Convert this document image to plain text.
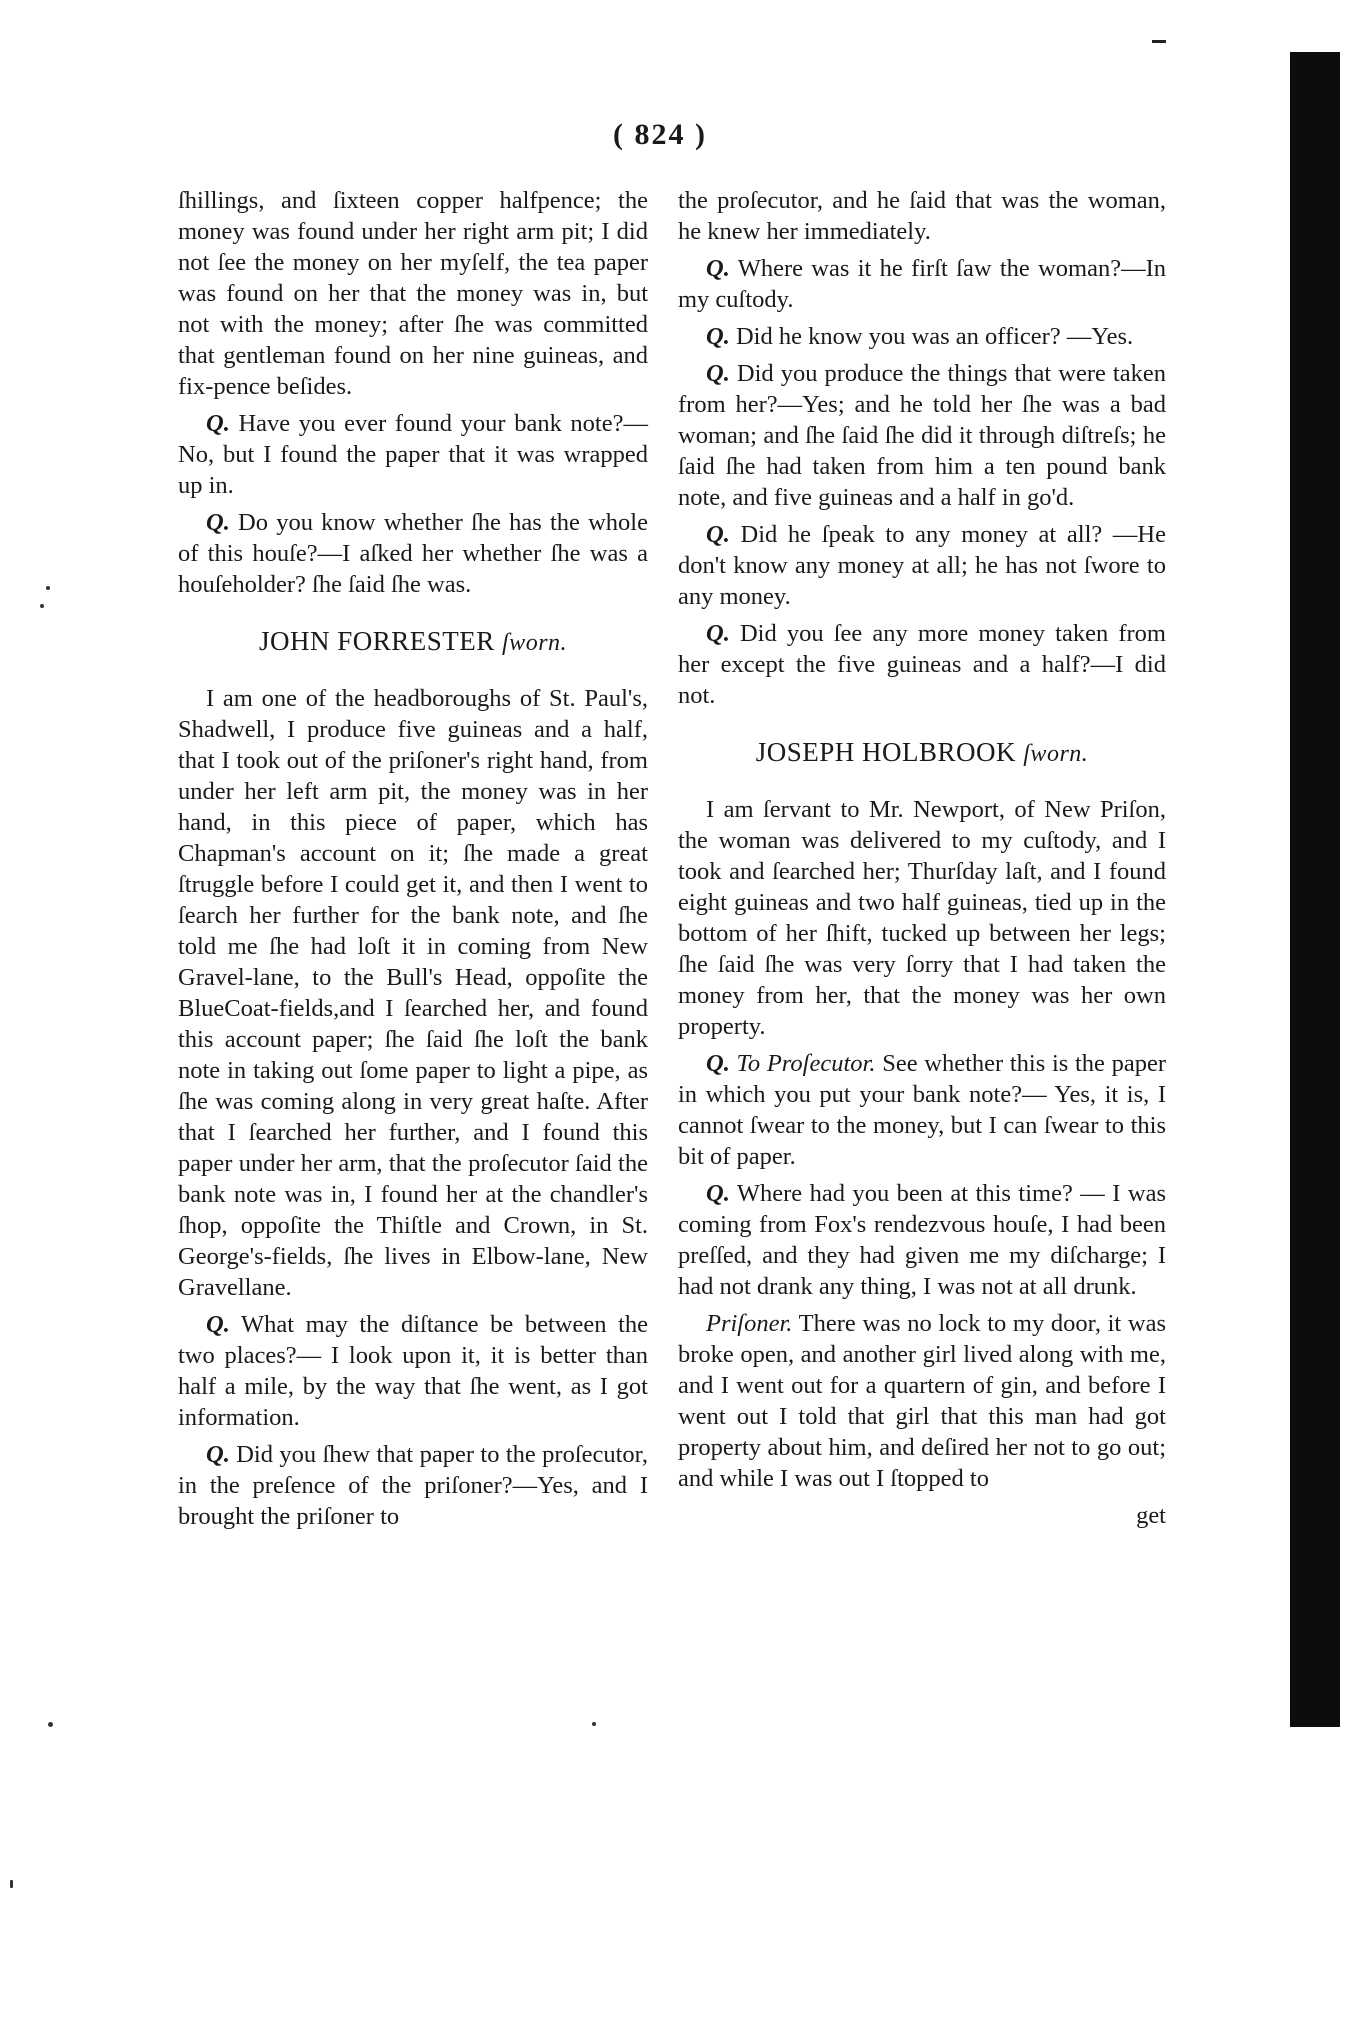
( 824 )

ſhillings, and ſixteen copper halfpence; the money was found under her right arm pit; I did not ſee the money on her myſelf, the tea paper was found on her that the money was in, but not with the money; after ſhe was committed that gentleman found on her nine guineas, and fix-pence beſides.

Q. Have you ever found your bank note?— No, but I found the paper that it was wrapped up in.

Q. Do you know whether ſhe has the whole of this houſe?—I aſked her whether ſhe was a houſeholder? ſhe ſaid ſhe was.

JOHN FORRESTER ſworn.

I am one of the headboroughs of St. Paul's, Shadwell, I produce five guineas and a half, that I took out of the priſoner's right hand, from under her left arm pit, the money was in her hand, in this piece of paper, which has Chapman's account on it; ſhe made a great ſtruggle before I could get it, and then I went to ſearch her further for the bank note, and ſhe told me ſhe had loſt it in coming from New Gravel-lane, to the Bull's Head, oppoſite the BlueCoat-fields,and I ſearched her, and found this account paper; ſhe ſaid ſhe loſt the bank note in taking out ſome paper to light a pipe, as ſhe was coming along in very great haſte. After that I ſearched her further, and I found this paper under her arm, that the proſecutor ſaid the bank note was in, I found her at the chandler's ſhop, oppoſite the Thiſtle and Crown, in St. George's-fields, ſhe lives in Elbow-lane, New Gravellane.

Q. What may the diſtance be between the two places?— I look upon it, it is better than half a mile, by the way that ſhe went, as I got information.

Q. Did you ſhew that paper to the proſecutor, in the preſence of the priſoner?—Yes, and I brought the priſoner to

the proſecutor, and he ſaid that was the woman, he knew her immediately.

Q. Where was it he firſt ſaw the woman?—In my cuſtody.

Q. Did he know you was an officer? —Yes.

Q. Did you produce the things that were taken from her?—Yes; and he told her ſhe was a bad woman; and ſhe ſaid ſhe did it through diſtreſs; he ſaid ſhe had taken from him a ten pound bank note, and five guineas and a half in go'd.

Q. Did he ſpeak to any money at all? —He don't know any money at all; he has not ſwore to any money.

Q. Did you ſee any more money taken from her except the five guineas and a half?—I did not.

JOSEPH HOLBROOK ſworn.

I am ſervant to Mr. Newport, of New Priſon, the woman was delivered to my cuſtody, and I took and ſearched her; Thurſday laſt, and I found eight guineas and two half guineas, tied up in the bottom of her ſhift, tucked up between her legs; ſhe ſaid ſhe was very ſorry that I had taken the money from her, that the money was her own property.

Q. To Proſecutor. See whether this is the paper in which you put your bank note?— Yes, it is, I cannot ſwear to the money, but I can ſwear to this bit of paper.

Q. Where had you been at this time? — I was coming from Fox's rendezvous houſe, I had been preſſed, and they had given me my diſcharge; I had not drank any thing, I was not at all drunk.

Priſoner. There was no lock to my door, it was broke open, and another girl lived along with me, and I went out for a quartern of gin, and before I went out I told that girl that this man had got property about him, and deſired her not to go out; and while I was out I ſtopped to

get
